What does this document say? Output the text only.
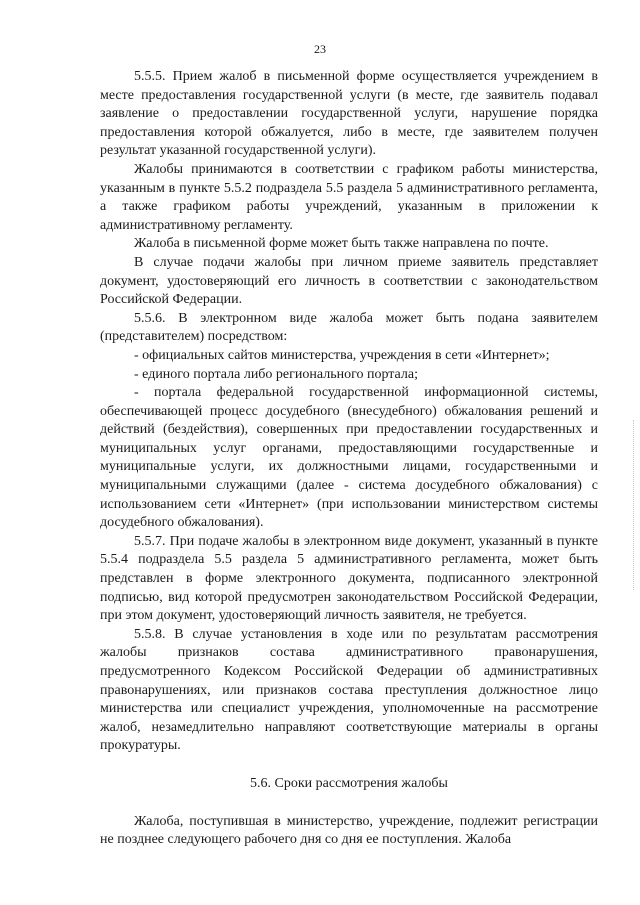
23

5.5.5. Прием жалоб в письменной форме осуществляется учреждением в месте предоставления государственной услуги (в месте, где заявитель подавал заявление о предоставлении государственной услуги, нарушение порядка предоставления которой обжалуется, либо в месте, где заявителем получен результат указанной государственной услуги).

Жалобы принимаются в соответствии с графиком работы министерства, указанным в пункте 5.5.2 подраздела 5.5 раздела 5 административного регламента, а также графиком работы учреждений, указанным в приложении к административному регламенту.

Жалоба в письменной форме может быть также направлена по почте.

В случае подачи жалобы при личном приеме заявитель представляет документ, удостоверяющий его личность в соответствии с законодательством Российской Федерации.

5.5.6. В электронном виде жалоба может быть подана заявителем (представителем) посредством:

- официальных сайтов министерства, учреждения в сети «Интернет»;

- единого портала либо регионального портала;

- портала федеральной государственной информационной системы, обеспечивающей процесс досудебного (внесудебного) обжалования решений и действий (бездействия), совершенных при предоставлении государственных и муниципальных услуг органами, предоставляющими государственные и муниципальные услуги, их должностными лицами, государственными и муниципальными служащими (далее - система досудебного обжалования) с использованием сети «Интернет» (при использовании министерством системы досудебного обжалования).

5.5.7. При подаче жалобы в электронном виде документ, указанный в пункте 5.5.4 подраздела 5.5 раздела 5 административного регламента, может быть представлен в форме электронного документа, подписанного электронной подписью, вид которой предусмотрен законодательством Российской Федерации, при этом документ, удостоверяющий личность заявителя, не требуется.

5.5.8. В случае установления в ходе или по результатам рассмотрения жалобы признаков состава административного правонарушения, предусмотренного Кодексом Российской Федерации об административных правонарушениях, или признаков состава преступления должностное лицо министерства или специалист учреждения, уполномоченные на рассмотрение жалоб, незамедлительно направляют соответствующие материалы в органы прокуратуры.

5.6. Сроки рассмотрения жалобы

Жалоба, поступившая в министерство, учреждение, подлежит регистрации не позднее следующего рабочего дня со дня ее поступления. Жалоба
